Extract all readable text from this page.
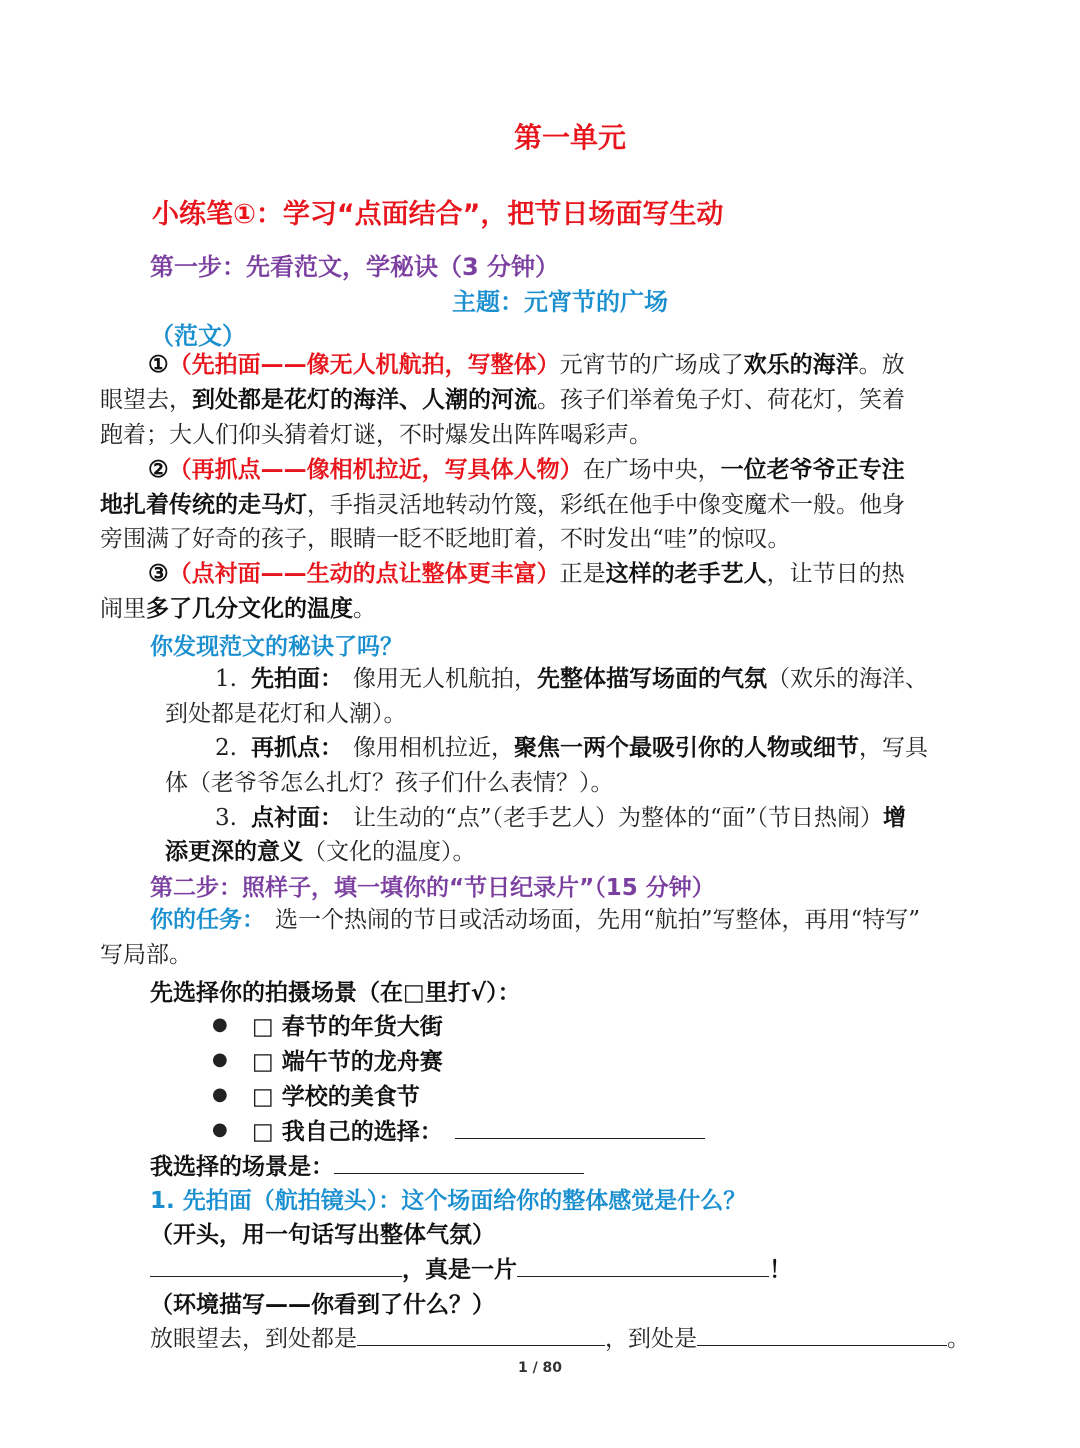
第一单元
小练笔①：学习“点面结合”，把节日场面写生动
第一步：先看范文，学秘诀（3 分钟）
主题：元宵节的广场
（范文）
①（先拍面——像无人机航拍，写整体）元宵节的广场成了欢乐的海洋。放
眼望去，到处都是花灯的海洋、人潮的河流。孩子们举着兔子灯、荷花灯，笑着
跑着；大人们仰头猜着灯谜，不时爆发出阵阵喝彩声。
②（再抓点——像相机拉近，写具体人物）在广场中央，一位老爷爷正专注
地扎着传统的走马灯，手指灵活地转动竹篾，彩纸在他手中像变魔术一般。他身
旁围满了好奇的孩子，眼睛一眨不眨地盯着，不时发出“哇”的惊叹。
③（点衬面——生动的点让整体更丰富）正是这样的老手艺人，让节日的热
闹里多了几分文化的温度。
你发现范文的秘诀了吗？
1. 先拍面： 像用无人机航拍，先整体描写场面的气氛（欢乐的海洋、
到处都是花灯和人潮）。
2. 再抓点： 像用相机拉近，聚焦一两个最吸引你的人物或细节，写具
体（老爷爷怎么扎灯？孩子们什么表情？）。
3. 点衬面： 让生动的“点”（老手艺人）为整体的“面”（节日热闹）增
添更深的意义（文化的温度）。
第二步：照样子，填一填你的“节日纪录片”（15 分钟）
你的任务： 选一个热闹的节日或活动场面，先用“航拍”写整体，再用“特写”
写局部。
先选择你的拍摄场景（在□里打√）：
● □ 春节的年货大街
● □ 端午节的龙舟赛
● □ 学校的美食节
● □ 我自己的选择：
我选择的场景是：
1. 先拍面（航拍镜头）：这个场面给你的整体感觉是什么？
（开头，用一句话写出整体气氛）
，真是一片	！
（环境描写——你看到了什么？）
放眼望去，到处都是	，到处是	。
1 / 80
